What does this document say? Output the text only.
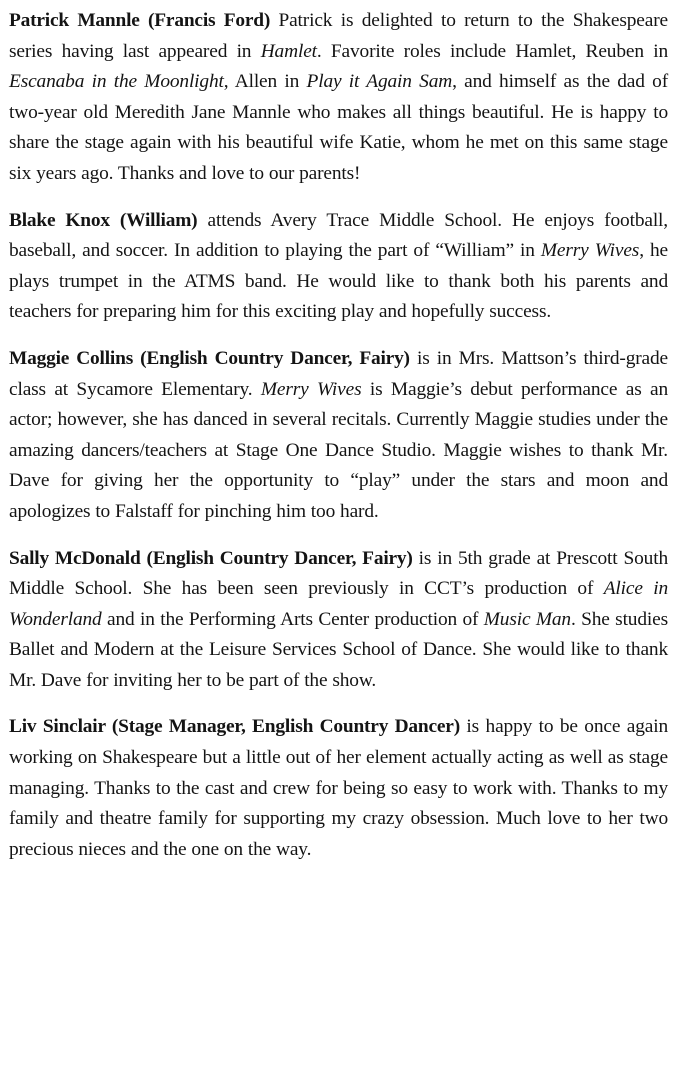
Patrick Mannle (Francis Ford) Patrick is delighted to return to the Shakespeare series having last appeared in Hamlet. Favorite roles include Hamlet, Reuben in Escanaba in the Moonlight, Allen in Play it Again Sam, and himself as the dad of two-year old Meredith Jane Mannle who makes all things beautiful. He is happy to share the stage again with his beautiful wife Katie, whom he met on this same stage six years ago. Thanks and love to our parents!

Blake Knox (William) attends Avery Trace Middle School. He enjoys football, baseball, and soccer. In addition to playing the part of “William” in Merry Wives, he plays trumpet in the ATMS band. He would like to thank both his parents and teachers for preparing him for this exciting play and hopefully success.

Maggie Collins (English Country Dancer, Fairy) is in Mrs. Mattson’s third-grade class at Sycamore Elementary. Merry Wives is Maggie’s debut performance as an actor; however, she has danced in several recitals. Currently Maggie studies under the amazing dancers/teachers at Stage One Dance Studio. Maggie wishes to thank Mr. Dave for giving her the opportunity to “play” under the stars and moon and apologizes to Falstaff for pinching him too hard.

Sally McDonald (English Country Dancer, Fairy) is in 5th grade at Prescott South Middle School. She has been seen previously in CCT’s production of Alice in Wonderland and in the Performing Arts Center production of Music Man. She studies Ballet and Modern at the Leisure Services School of Dance. She would like to thank Mr. Dave for inviting her to be part of the show.

Liv Sinclair (Stage Manager, English Country Dancer) is happy to be once again working on Shakespeare but a little out of her element actually acting as well as stage managing. Thanks to the cast and crew for being so easy to work with. Thanks to my family and theatre family for supporting my crazy obsession. Much love to her two precious nieces and the one on the way.
